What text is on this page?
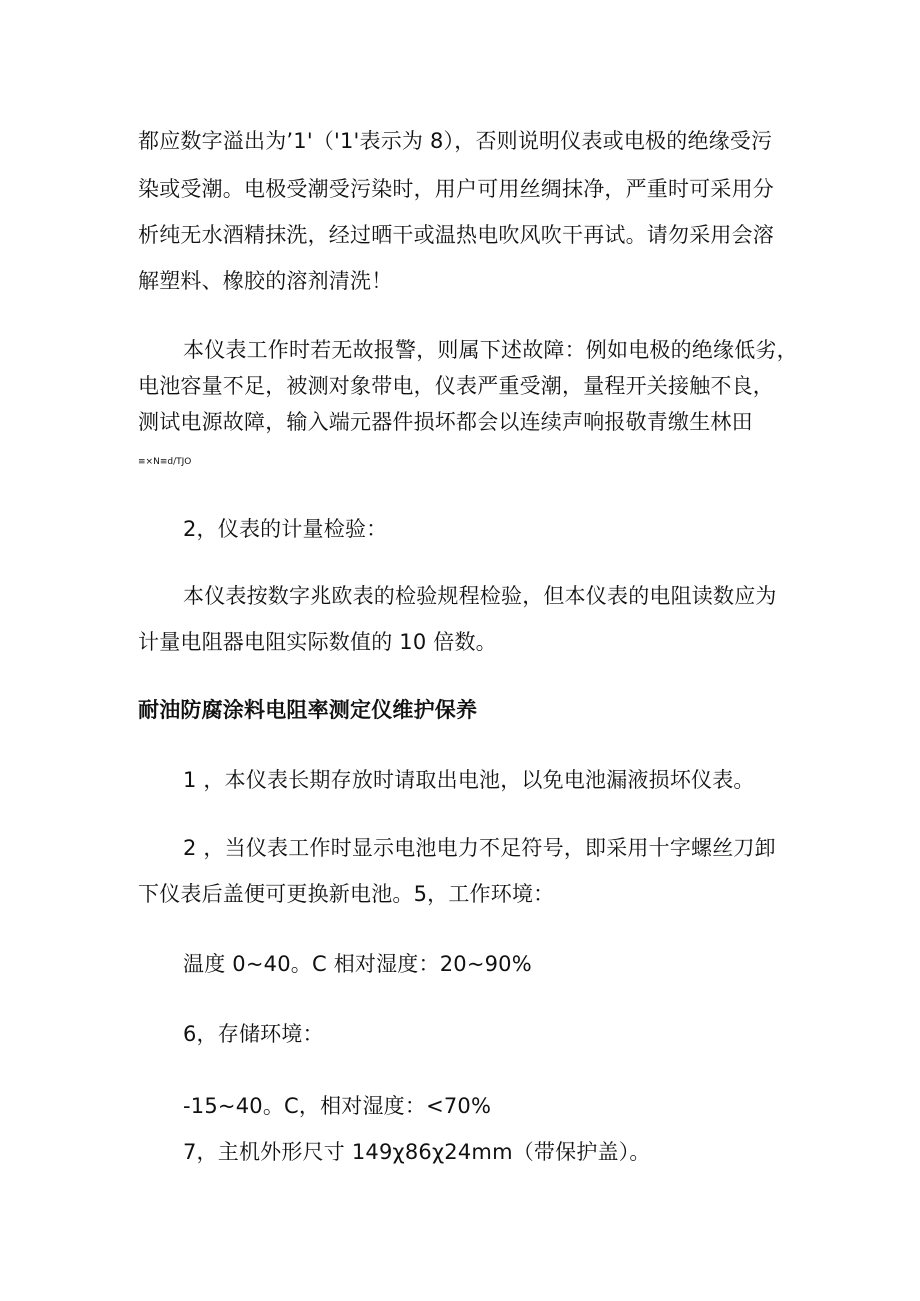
都应数字溢出为’1'（'1'表示为 8），否则说明仪表或电极的绝缘受污
染或受潮。电极受潮受污染时，用户可用丝绸抹净，严重时可采用分
析纯无水酒精抹洗，经过晒干或温热电吹风吹干再试。请勿采用会溶
解塑料、橡胶的溶剂清洗！
本仪表工作时若无故报警，则属下述故障：例如电极的绝缘低劣，
电池容量不足，被测对象带电，仪表严重受潮，量程开关接触不良，
测试电源故障，输入端元器件损坏都会以连续声响报敬青缴生林田
≡×N≡d/TJO
2，仪表的计量检验：
本仪表按数字兆欧表的检验规程检验，但本仪表的电阻读数应为
计量电阻器电阻实际数值的 10 倍数。
耐油防腐涂料电阻率测定仪维护保养
1 ，本仪表长期存放时请取出电池，以免电池漏液损坏仪表。
2 ，当仪表工作时显示电池电力不足符号，即采用十字螺丝刀卸
下仪表后盖便可更换新电池。5，工作环境：
温度 0~40。C 相对湿度：20~90%
6，存储环境：
-15~40。C，相对湿度：<70%
7，主机外形尺寸 149χ86χ24mm（带保护盖）。
